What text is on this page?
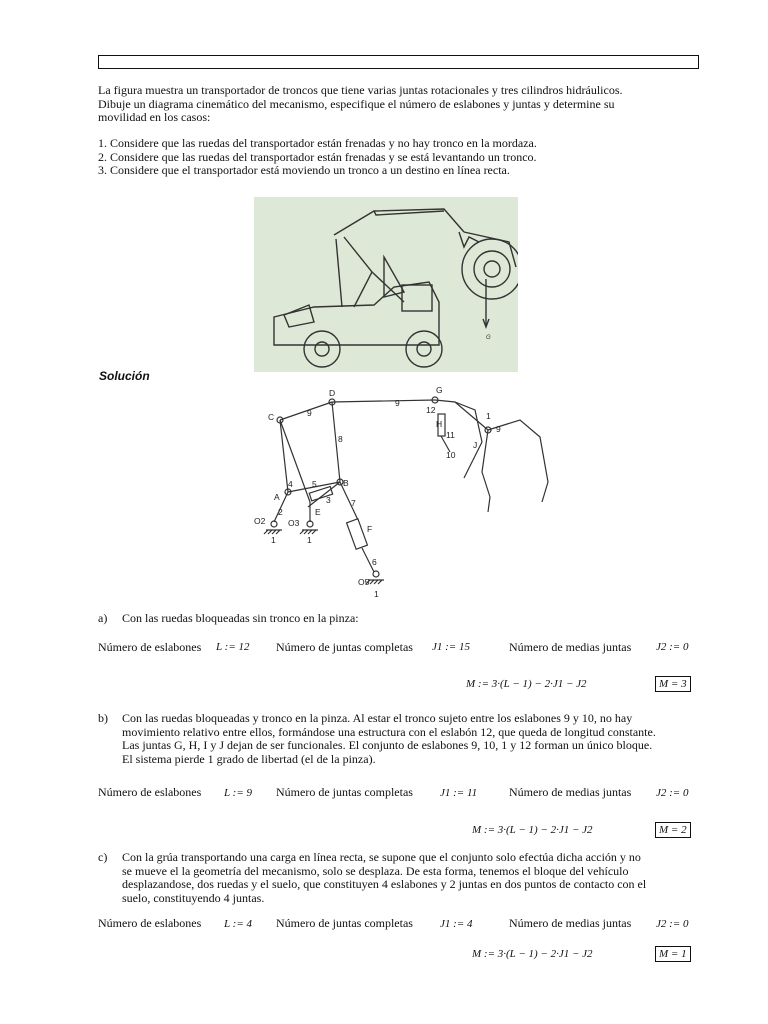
La figura muestra un transportador de troncos que tiene varias juntas rotacionales y tres cilindros hidráulicos.
Dibuje un diagrama cinemático del mecanismo, especifique el número de eslabones y juntas y determine su
movilidad en los casos:
1. Considere que las ruedas del transportador están frenadas y no hay tronco en la mordaza.
2. Considere que las ruedas del transportador están frenadas y se está levantando un tronco.
3. Considere que el transportador está moviendo un tronco a un destino en línea recta.
G
Solución
C
D	G
H
J
A
B
E
F
O2	O3
O5
9
9
9
12
1
11
10
8
4 5
3
2
7
6
1	1
1
a) Con las ruedas bloqueadas sin tronco en la pinza:
Número de eslabones L := 12 Número de juntas completas J1 := 15	Número de medias juntas J2 := 0
M := 3·(L − 1) − 2·J1 − J2	M = 3
b) Con las ruedas bloqueadas y tronco en la pinza. Al estar el tronco sujeto entre los eslabones 9 y 10, no hay
movimiento relativo entre ellos, formándose una estructura con el eslabón 12, que queda de longitud constante.
Las juntas G, H, I y J dejan de ser funcionales. El conjunto de eslabones 9, 10, 1 y 12 forman un único bloque.
El sistema pierde 1 grado de libertad (el de la pinza).
Número de eslabones L := 9 Número de juntas completas J1 := 11	Número de medias juntas J2 := 0
M := 3·(L − 1) − 2·J1 − J2	M = 2
c) Con la grúa transportando una carga en línea recta, se supone que el conjunto solo efectúa dicha acción y no
se mueve el la geometría del mecanismo, solo se desplaza. De esta forma, tenemos el bloque del vehículo
desplazandose, dos ruedas y el suelo, que constituyen 4 eslabones y 2 juntas en dos puntos de contacto con el
suelo, constituyendo 4 juntas.
Número de eslabones L := 4 Número de juntas completas J1 := 4	Número de medias juntas J2 := 0
M := 3·(L − 1) − 2·J1 − J2	M = 1
